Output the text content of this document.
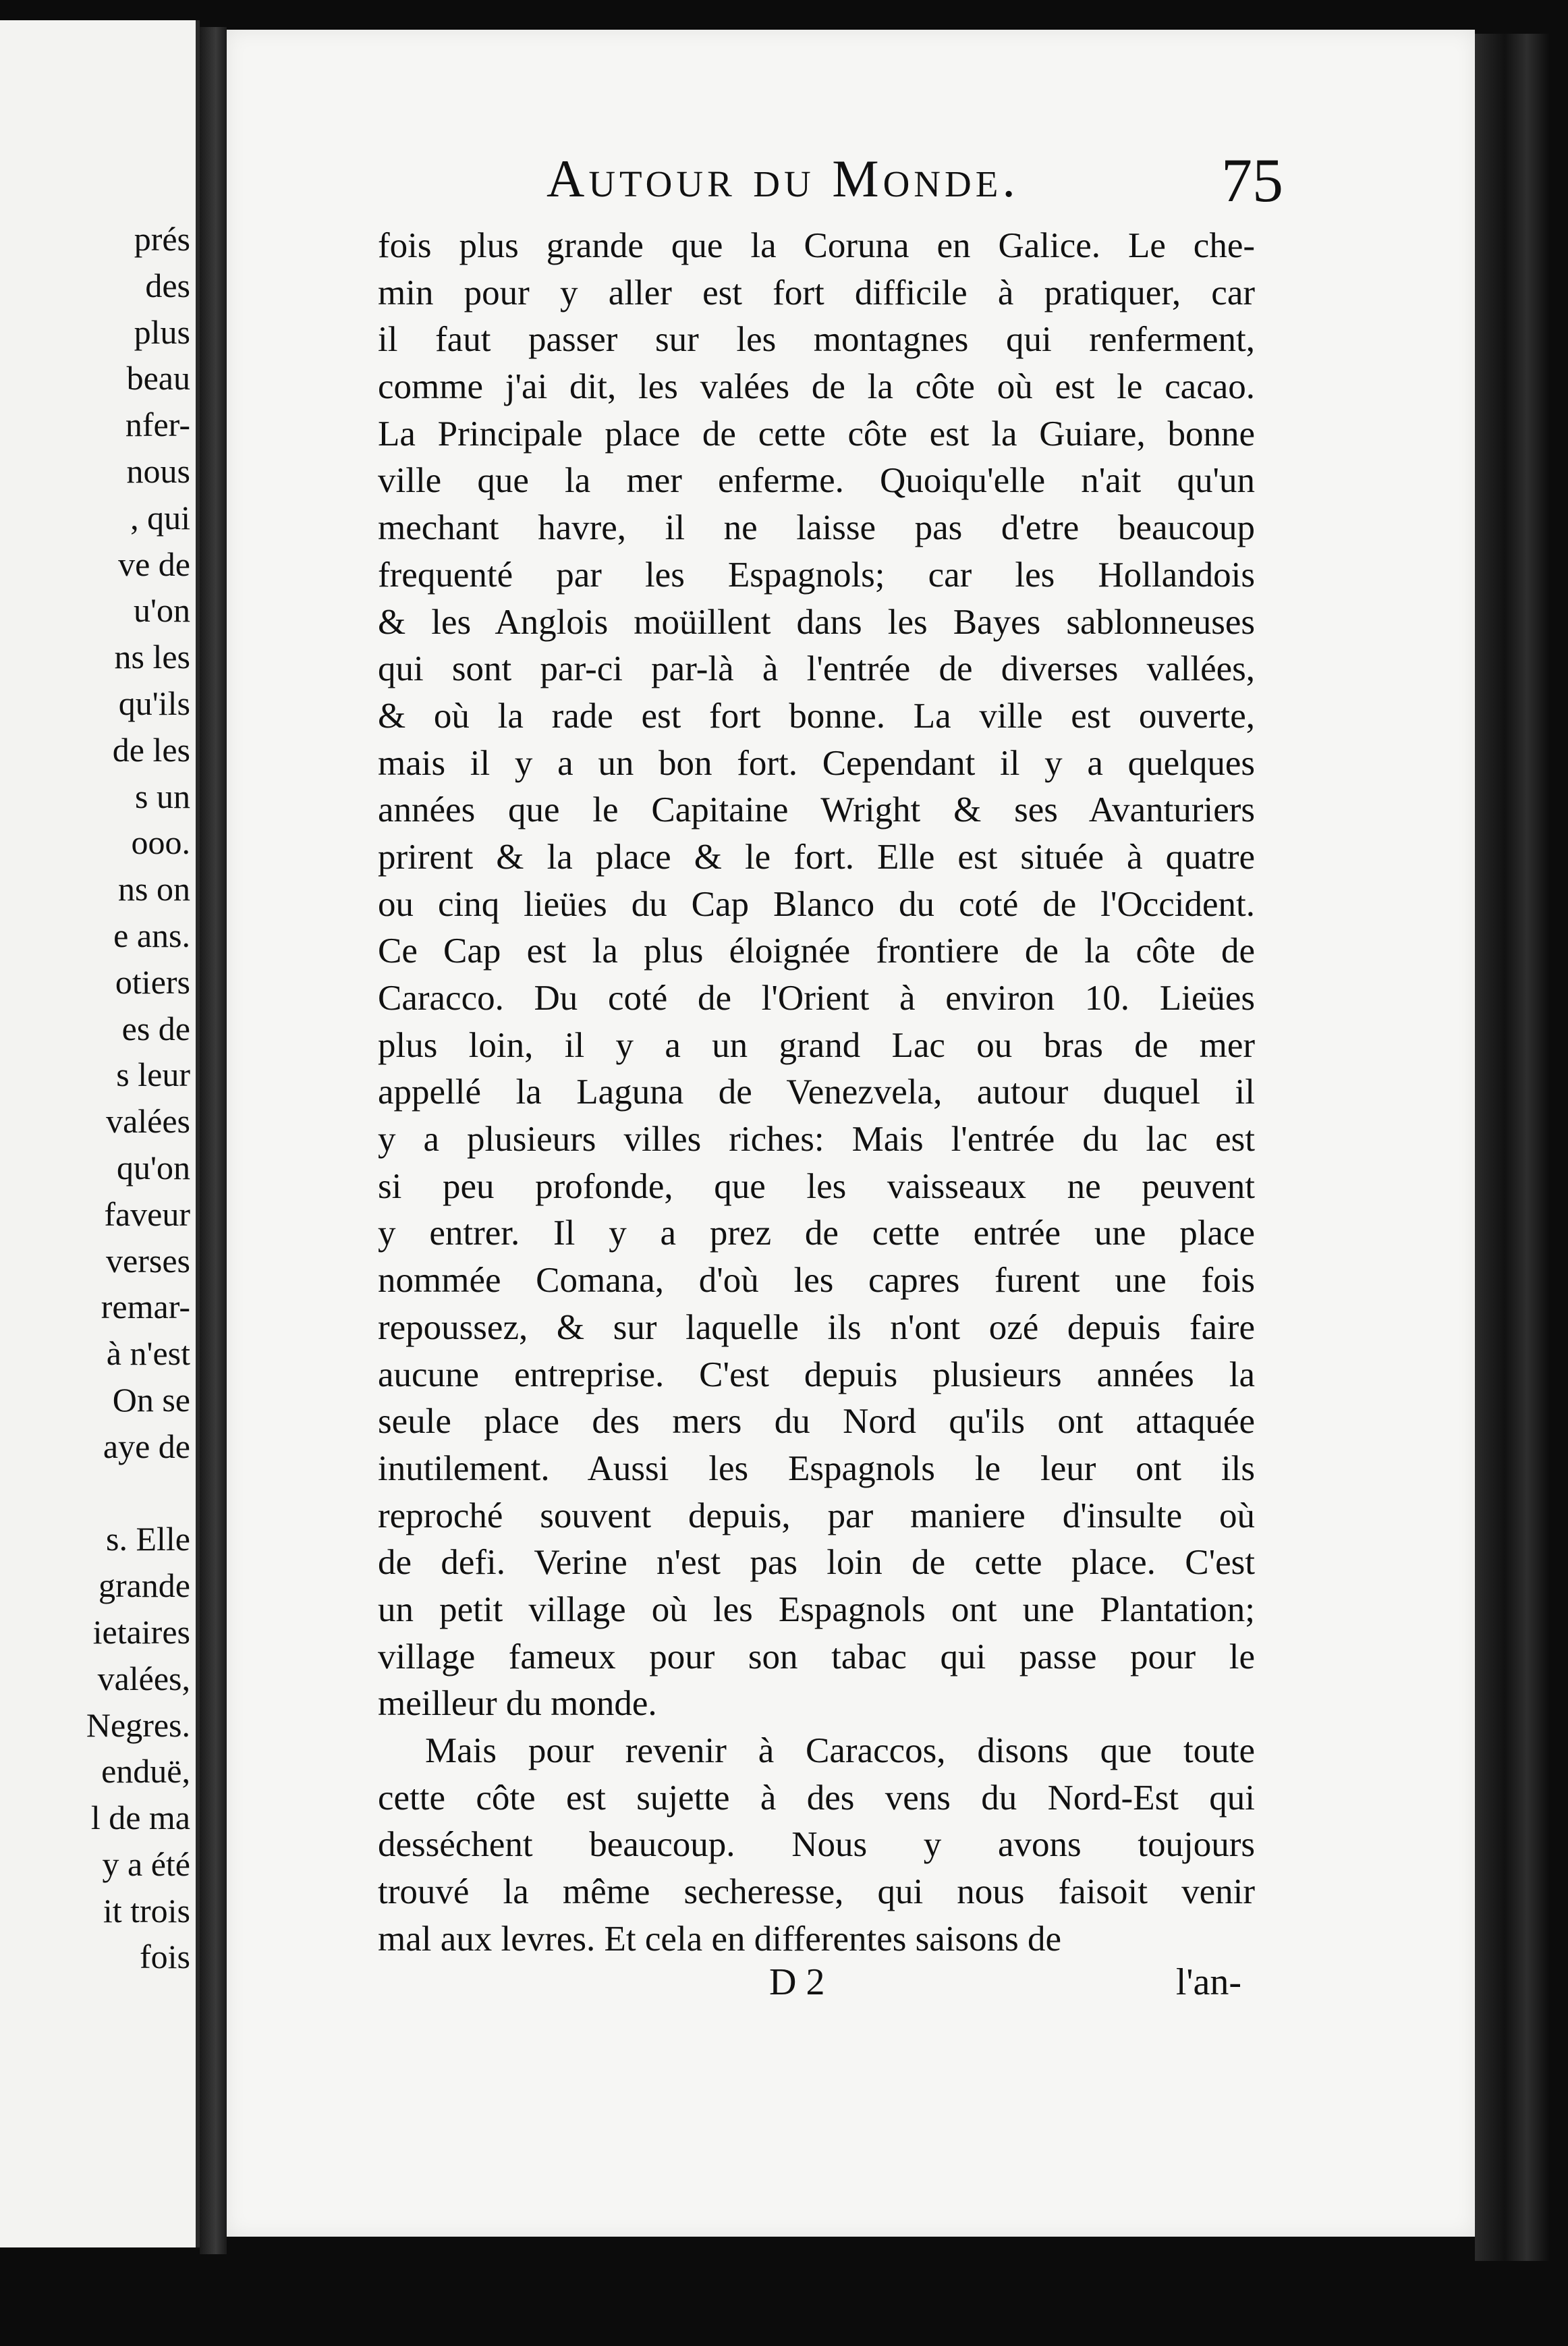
prés
des
plus
beau
nfer-
nous
, qui
ve de
u'on
ns les
qu'ils
de les
s un
ooo.
ns on
e ans.
otiers
es de
s leur
valées
qu'on
faveur
verses
remar-
à n'est
On se
aye de
s. Elle
grande
ietaires
valées,
Negres.
enduë,
l de ma
y a été
it trois
fois
Autour du Monde.	75
fois plus grande que la Coruna en Galice. Le che-
min pour y aller est fort difficile à pratiquer, car
il faut passer sur les montagnes qui renferment,
comme j'ai dit, les valées de la côte où est le cacao.
La Principale place de cette côte est la Guiare, bonne
ville que la mer enferme. Quoiqu'elle n'ait qu'un
mechant havre, il ne laisse pas d'etre beaucoup
frequenté par les Espagnols; car les Hollandois
& les Anglois moüillent dans les Bayes sablonneuses
qui sont par-ci par-là à l'entrée de diverses vallées,
& où la rade est fort bonne. La ville est ouverte,
mais il y a un bon fort. Cependant il y a quelques
années que le Capitaine Wright & ses Avanturiers
prirent & la place & le fort. Elle est située à quatre
ou cinq lieües du Cap Blanco du coté de l'Occident.
Ce Cap est la plus éloignée frontiere de la côte de
Caracco. Du coté de l'Orient à environ 10. Lieües
plus loin, il y a un grand Lac ou bras de mer
appellé la Laguna de Venezvela, autour duquel il
y a plusieurs villes riches: Mais l'entrée du lac est
si peu profonde, que les vaisseaux ne peuvent
y entrer. Il y a prez de cette entrée une place
nommée Comana, d'où les capres furent une fois
repoussez, & sur laquelle ils n'ont ozé depuis faire
aucune entreprise. C'est depuis plusieurs années la
seule place des mers du Nord qu'ils ont attaquée
inutilement. Aussi les Espagnols le leur ont ils
reproché souvent depuis, par maniere d'insulte où
de defi. Verine n'est pas loin de cette place. C'est
un petit village où les Espagnols ont une Plantation;
village fameux pour son tabac qui passe pour le
meilleur du monde.
Mais pour revenir à Caraccos, disons que toute
cette côte est sujette à des vens du Nord-Est qui
desséchent beaucoup. Nous y avons toujours
trouvé la même secheresse, qui nous faisoit venir
mal aux levres. Et cela en differentes saisons de
D 2	l'an-
